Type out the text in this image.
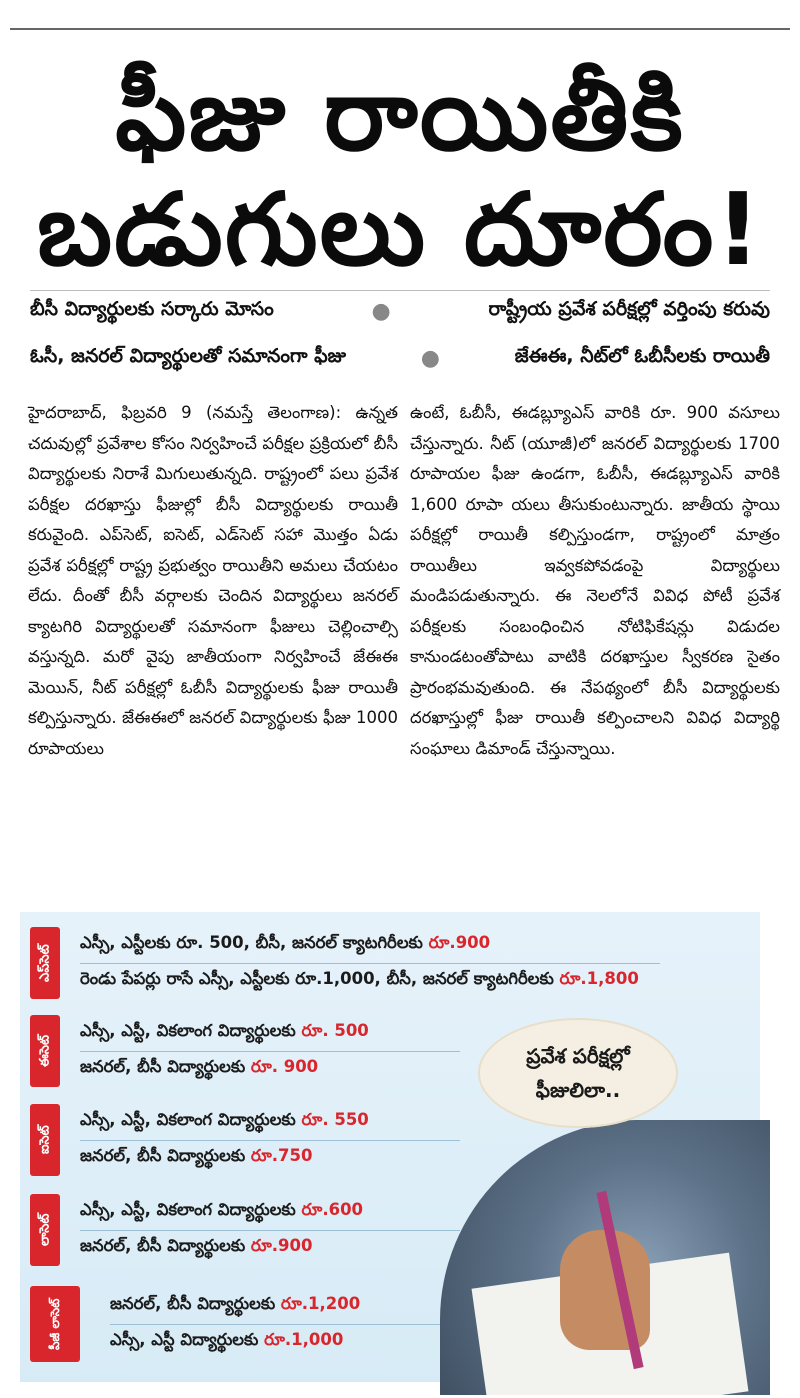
ఫీజు రాయితీకి
బడుగులు దూరం!
బీసీ విద్యార్థులకు సర్కారు మోసం	●	రాష్ట్రీయ ప్రవేశ పరీక్షల్లో వర్తింపు కరువు
ఓసీ, జనరల్ విద్యార్థులతో సమానంగా ఫీజు	●	జేఈఈ, నీట్‌లో ఓబీసీలకు రాయితీ

హైదరాబాద్, ఫిబ్రవరి 9 (నమస్తే తెలంగాణ): ఉన్నత చదువుల్లో ప్రవేశాల కోసం నిర్వహించే పరీక్షల ప్రక్రియలో బీసీ విద్యార్థులకు నిరాశే మిగులుతున్నది. రాష్ట్రంలో పలు ప్రవేశ పరీక్షల దరఖాస్తు ఫీజుల్లో బీసీ విద్యార్థులకు రాయితీ కరువైంది. ఎప్‌సెట్, ఐసెట్, ఎడ్‌సెట్ సహా మొత్తం ఏడు ప్రవేశ పరీక్షల్లో రాష్ట్ర ప్రభుత్వం రాయితీని అమలు చేయటం లేదు. దీంతో బీసీ వర్గాలకు చెందిన విద్యార్థులు జనరల్ క్యాటగిరి విద్యార్థులతో సమానంగా ఫీజులు చెల్లించాల్సి వస్తున్నది. మరో వైపు జాతీయంగా నిర్వహించే జేఈఈ మెయిన్, నీట్ పరీక్షల్లో ఓబీసీ విద్యార్థులకు ఫీజు రాయితీ కల్పిస్తున్నారు. జేఈఈలో జనరల్ విద్యార్థులకు ఫీజు 1000 రూపాయలు

ఉంటే, ఓబీసీ, ఈడబ్ల్యూఎస్ వారికి రూ. 900 వసూలు చేస్తున్నారు. నీట్ (యూజీ)లో జనరల్ విద్యార్థులకు 1700 రూపాయల ఫీజు ఉండగా, ఓబీసీ, ఈడబ్ల్యూఎస్ వారికి 1,600 రూపా యలు తీసుకుంటున్నారు. జాతీయ స్థాయి పరీక్షల్లో రాయితీ కల్పిస్తుండగా, రాష్ట్రంలో మాత్రం రాయితీలు ఇవ్వకపోవడంపై విద్యార్థులు మండిపడుతున్నారు. ఈ నెలలోనే వివిధ పోటీ ప్రవేశ పరీక్షలకు సంబంధించిన నోటిఫికేషన్లు విడుదల కానుండటంతోపాటు వాటికి దరఖాస్తుల స్వీకరణ సైతం ప్రారంభమవుతుంది. ఈ నేపథ్యంలో బీసీ విద్యార్థులకు దరఖాస్తుల్లో ఫీజు రాయితీ కల్పించాలని వివిధ విద్యార్థి సంఘాలు డిమాండ్ చేస్తున్నాయి.

ప్రవేశ పరీక్షల్లో
ఫీజులిలా..
ఎప్‌సెట్
ఎస్సీ, ఎస్టీలకు రూ. 500, బీసీ, జనరల్ క్యాటగిరీలకు రూ.900
రెండు పేపర్లు రాసే ఎస్సీ, ఎస్టీలకు రూ.1,000, బీసీ, జనరల్ క్యాటగిరీలకు రూ.1,800
ఈసెట్
ఎస్సీ, ఎస్టీ, వికలాంగ విద్యార్థులకు రూ. 500
జనరల్, బీసీ విద్యార్థులకు రూ. 900
ఐసెట్
ఎస్సీ, ఎస్టీ, వికలాంగ విద్యార్థులకు రూ. 550
జనరల్, బీసీ విద్యార్థులకు రూ.750
లాసెట్
ఎస్సీ, ఎస్టీ, వికలాంగ విద్యార్థులకు రూ.600
జనరల్, బీసీ విద్యార్థులకు రూ.900
పీజీ లాసెట్	జనరల్, బీసీ విద్యార్థులకు రూ.1,200
ఎస్సీ, ఎస్టీ విద్యార్థులకు రూ.1,000
